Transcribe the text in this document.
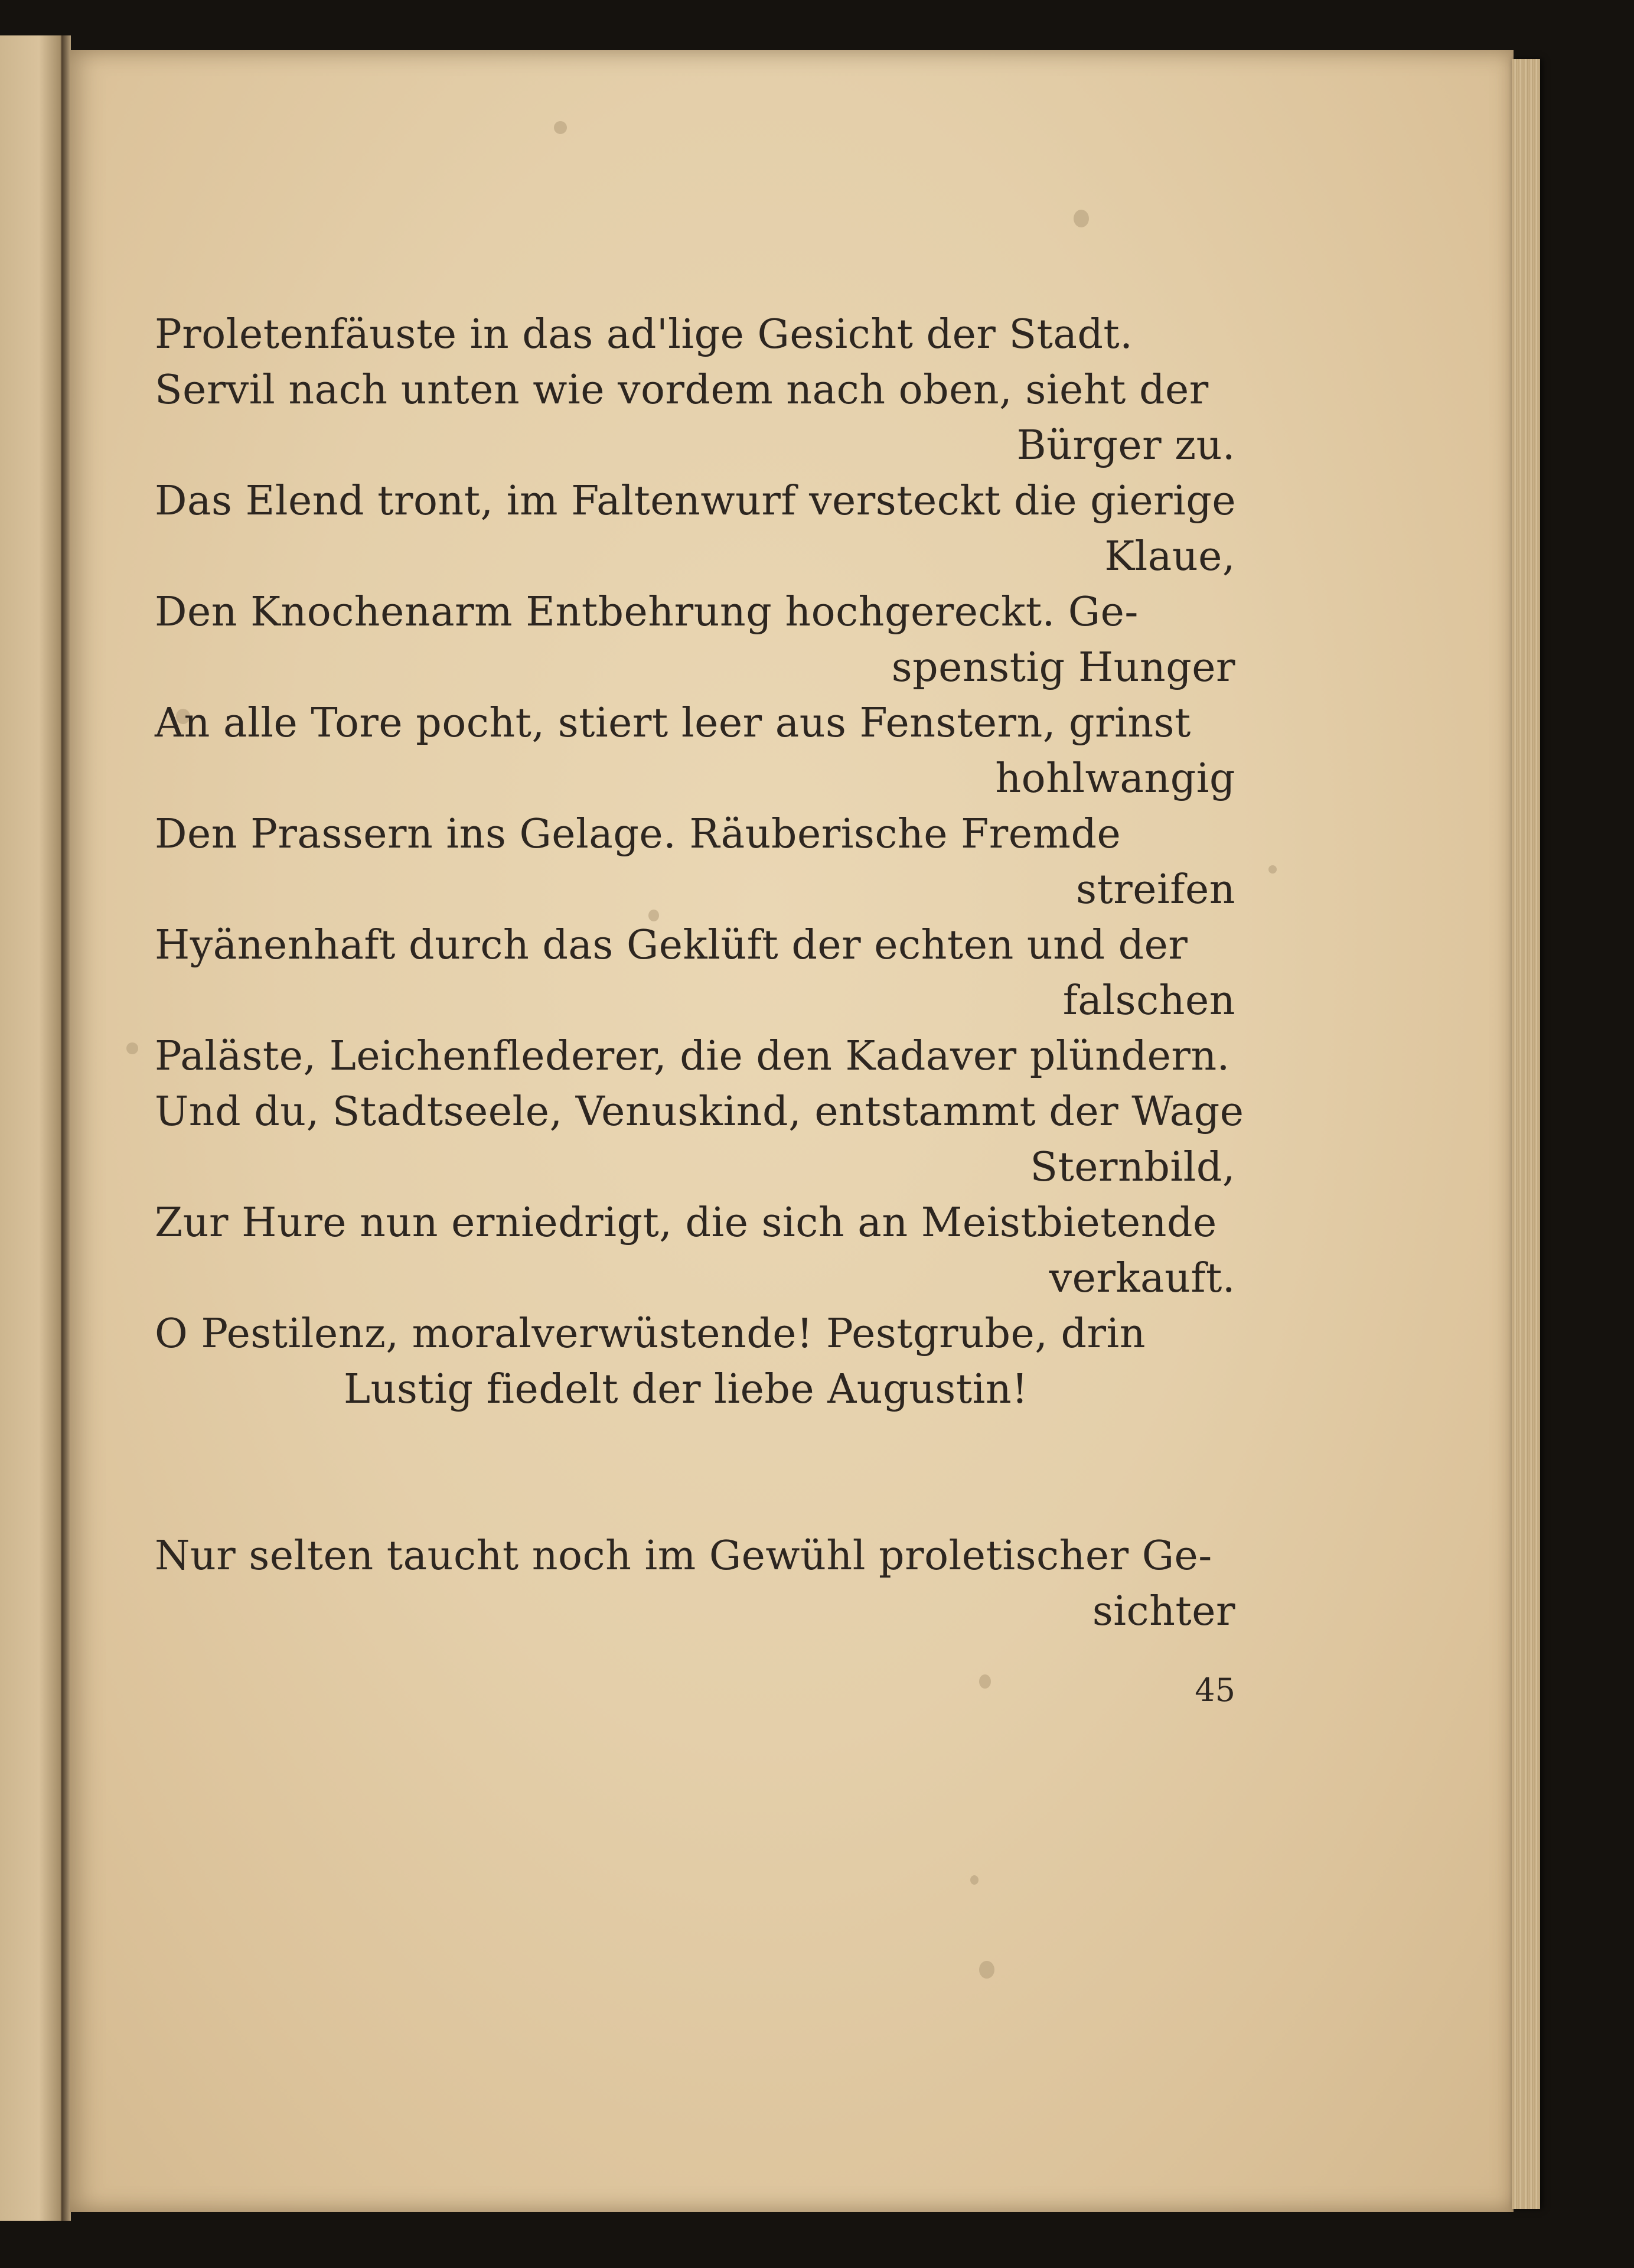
Proletenfäuste in das ad'lige Gesicht der Stadt.
Servil nach unten wie vordem nach oben, sieht der
Bürger zu.
Das Elend tront, im Faltenwurf versteckt die gierige
Klaue,
Den Knochenarm Entbehrung hochgereckt. Ge-
spenstig Hunger
An alle Tore pocht, stiert leer aus Fenstern, grinst
hohlwangig
Den Prassern ins Gelage. Räuberische Fremde
streifen
Hyänenhaft durch das Geklüft der echten und der
falschen
Paläste, Leichenflederer, die den Kadaver plündern.
Und du, Stadtseele, Venuskind, entstammt der Wage
Sternbild,
Zur Hure nun erniedrigt, die sich an Meistbietende
verkauft.
O Pestilenz, moralverwüstende! Pestgrube, drin
Lustig fiedelt der liebe Augustin!
Nur selten taucht noch im Gewühl proletischer Ge-
sichter
45
